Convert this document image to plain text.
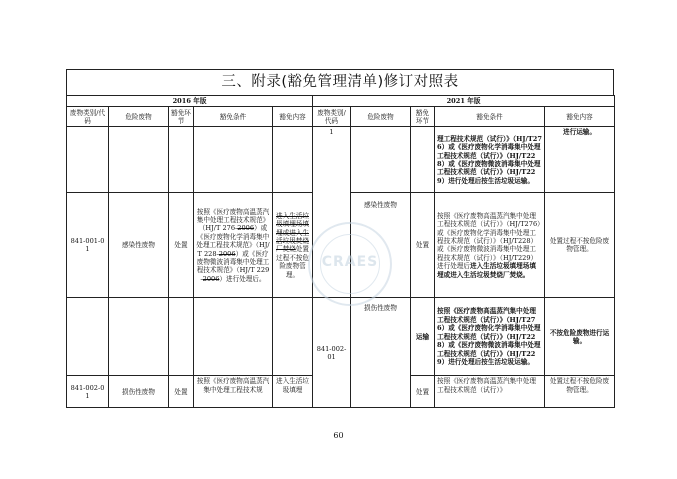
三、附录(豁免管理清单)修订对照表
2016 年版					2021 年版				
废物类别/代码	危险废物	豁免环节	豁免条件	豁免内容	废物类别/代码	危险废物	豁免环节	豁免条件	豁免内容
					1			理工程技术规范（试行）》（HJ/T276）或《医疗废物化学消毒集中处理工程技术规范（试行）》（HJ/T228）或《医疗废物微波消毒集中处理工程技术规范（试行）》（HJ/T229）进行处理后按生活垃圾运输。	进行运输。
841-001-01	感染性废物	处置	按照《医疗废物高温蒸汽集中处理工程技术规范》（HJ/T 276-2006）或《医疗废物化学消毒集中处理工程技术规范》（HJ/T 228-2006）或《医疗废物微波消毒集中处理工程技术规范》（HJ/T 229-2006）进行处理后。	进入生活垃圾填埋场填埋或进入生活垃圾焚烧厂焚烧处置过程不按危险废物管理。		感染性废物	处置	按照《医疗废物高温蒸汽集中处理工程技术规范（试行）》（HJ/T276）或《医疗废物化学消毒集中处理工程技术规范（试行）》（HJ/T228）或《医疗废物微波消毒集中处理工程技术规范（试行）》（HJ/T229）进行处理后进入生活垃圾填埋场填埋或进入生活垃圾焚烧厂焚烧。	处置过程不按危险废物管理。
					841-002-01	损伤性废物	运输	按照《医疗废物高温蒸汽集中处理工程技术规范（试行）》（HJ/T276）或《医疗废物化学消毒集中处理工程技术规范（试行）》（HJ/T228）或《医疗废物微波消毒集中处理工程技术规范（试行）》（HJ/T229）进行处理后按生活垃圾运输。	不按危险废物进行运输。
841-002-01	损伤性废物	处置	按照《医疗废物高温蒸汽集中处理工程技术规	进入生活垃圾填埋			处置	按照《医疗废物高温蒸汽集中处理工程技术规范（试行）》	处置过程不按危险废物管理。
CRAES
60
